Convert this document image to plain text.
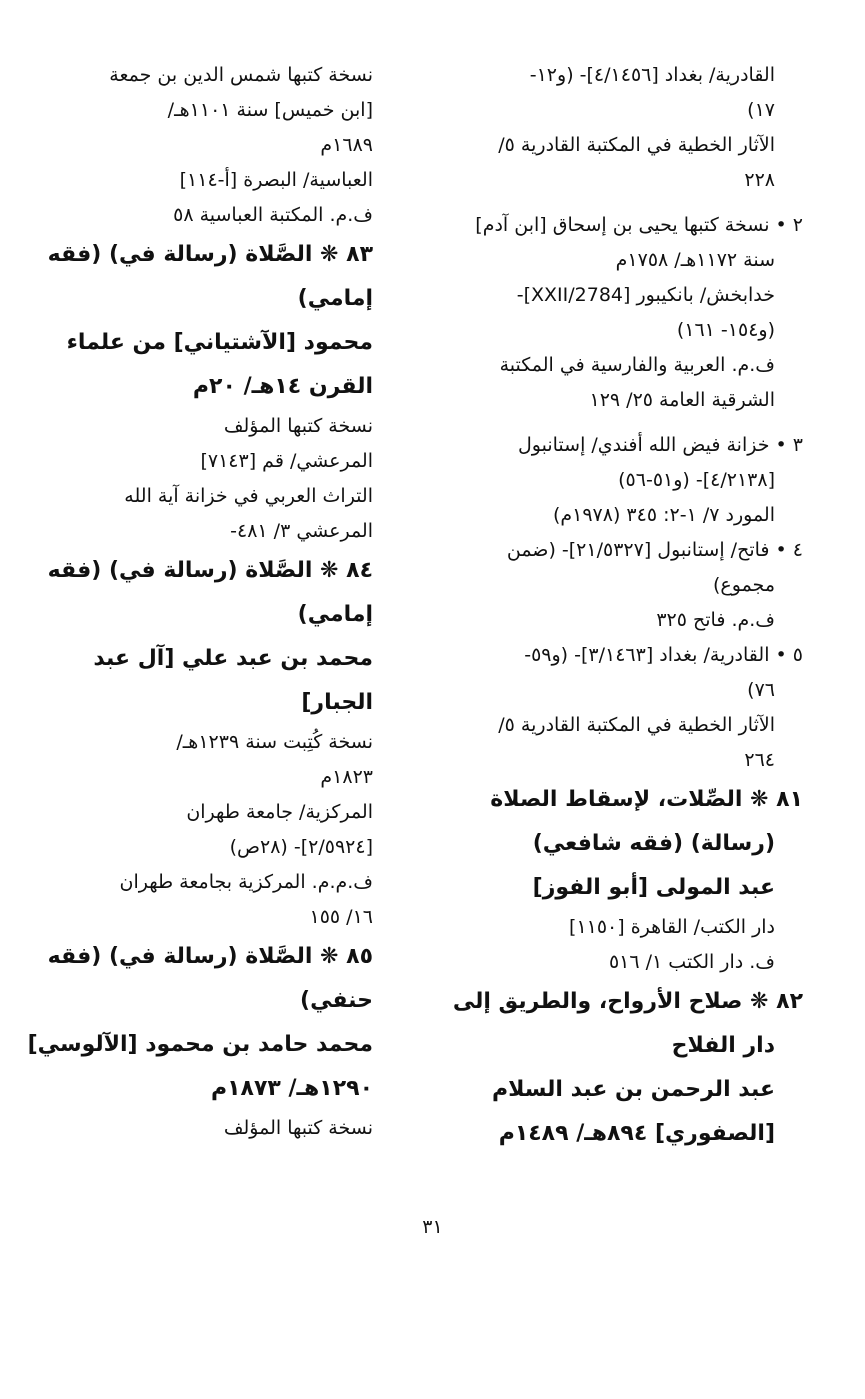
القادرية/ بغداد [٤/١٤٥٦]- (و١٢-
١٧)
الآثار الخطية في المكتبة القادرية ٥/
٢٢٨
٢ • نسخة كتبها يحيى بن إسحاق [ابن آدم]
سنة ١١٧٢هـ/ ١٧٥٨م
خدابخش/ بانكيبور [2784/XXII]-
(و١٥٤- ١٦١)
ف.م. العربية والفارسية في المكتبة
الشرقية العامة ٢٥/ ١٢٩
٣ • خزانة فيض الله أفندي/ إستانبول
[٤/٢١٣٨]- (و٥١-٥٦)
المورد ٧/ ١-٢: ٣٤٥ (١٩٧٨م)
٤ • فاتح/ إستانبول [٢١/٥٣٢٧]- (ضمن
مجموع)
ف.م. فاتح ٣٢٥
٥ • القادرية/ بغداد [٣/١٤٦٣]- (و٥٩-
٧٦)
الآثار الخطية في المكتبة القادرية ٥/
٢٦٤
٨١ ❋ الصِّلات، لإسقاط الصلاة
(رسالة) (فقه شافعي)
عبد المولى [أبو الفوز]
دار الكتب/ القاهرة [١١٥٠]
ف. دار الكتب ١/ ٥١٦
٨٢ ❋ صلاح الأرواح، والطريق إلى
دار الفلاح
عبد الرحمن بن عبد السلام
[الصفوري] ٨٩٤هـ/ ١٤٨٩م
نسخة كتبها شمس الدين بن جمعة
[ابن خميس] سنة ١١٠١هـ/
١٦٨٩م
العباسية/ البصرة [أ-١١٤]
ف.م. المكتبة العباسية ٥٨
٨٣ ❋ الصَّلاة (رسالة في) (فقه
إمامي)
محمود [الآشتياني] من علماء
القرن ١٤هـ/ ٢٠م
نسخة كتبها المؤلف
المرعشي/ قم [٧١٤٣]
التراث العربي في خزانة آية الله
المرعشي ٣/ ٤٨١-
٨٤ ❋ الصَّلاة (رسالة في) (فقه
إمامي)
محمد بن عبد علي [آل عبد
الجبار]
نسخة كُتِبت سنة ١٢٣٩هـ/
١٨٢٣م
المركزية/ جامعة طهران
[٢/٥٩٢٤]- (٢٨ص)
ف.م.م. المركزية بجامعة طهران
١٦/ ١٥٥
٨٥ ❋ الصَّلاة (رسالة في) (فقه
حنفي)
محمد حامد بن محمود [الآلوسي]
١٢٩٠هـ/ ١٨٧٣م
نسخة كتبها المؤلف
٣١
